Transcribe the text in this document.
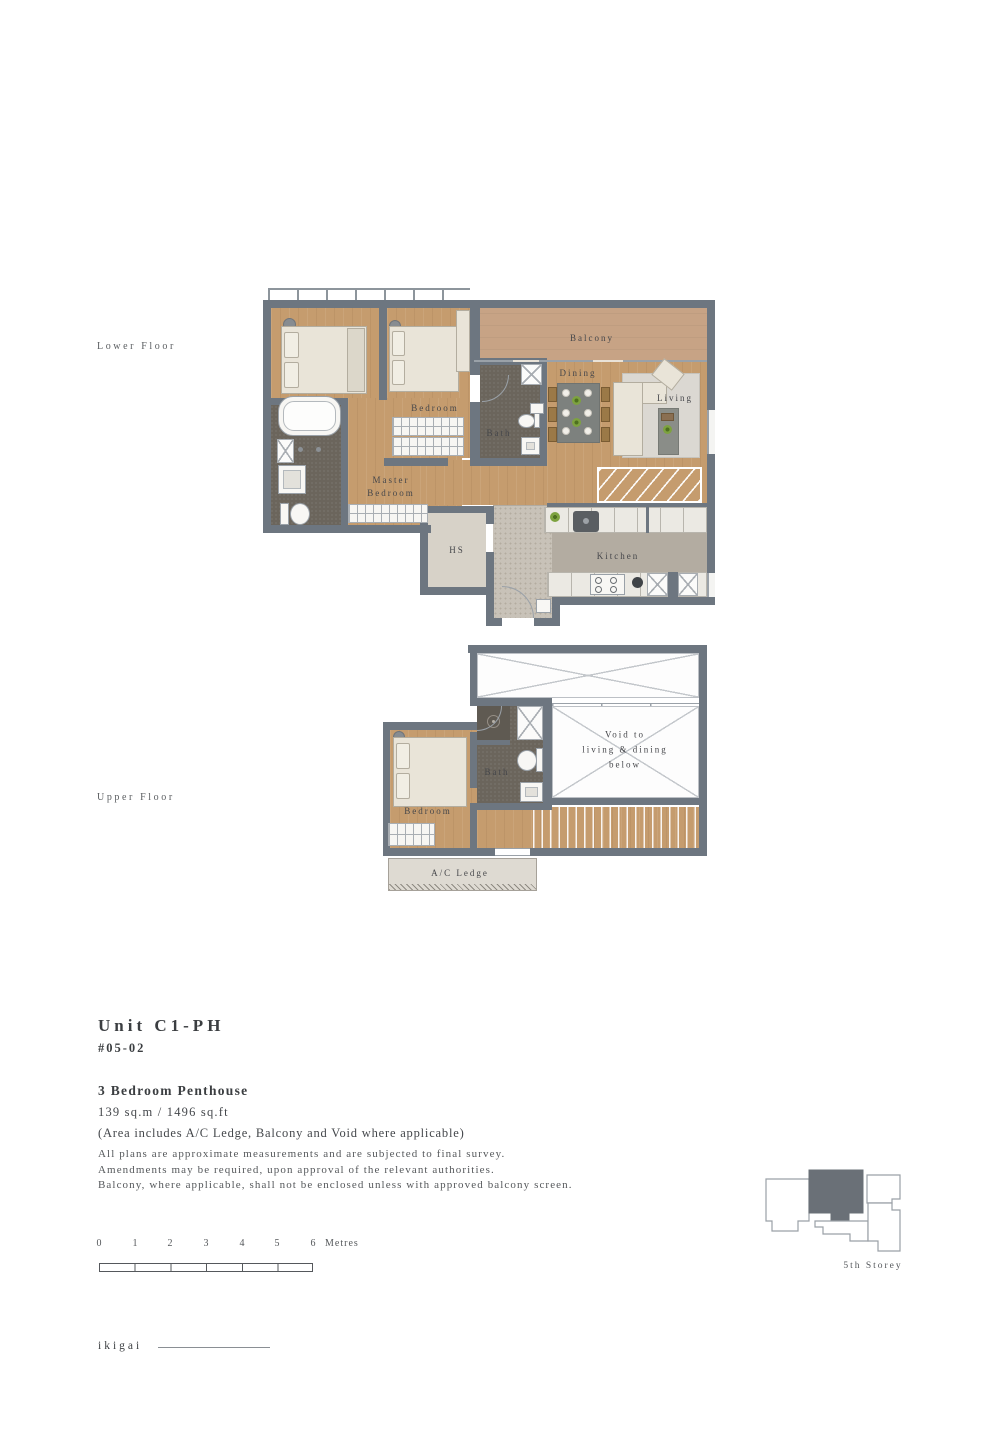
Lower Floor
Balcony
Dining
Living
Bedroom
Bath
Master Bedroom
HS
Kitchen
Upper Floor
Bath
Bedroom
A/C Ledge
Void to
living & dining
below
Unit C1-PH
#05-02
3 Bedroom Penthouse
139 sq.m / 1496 sq.ft
(Area includes A/C Ledge, Balcony and Void where applicable)
All plans are approximate measurements and are subjected to final survey.
Amendments may be required, upon approval of the relevant authorities.
Balcony, where applicable, shall not be enclosed unless with approved balcony screen.
0	1	2	3	4	5	6 Metres
5th Storey
ikigai
